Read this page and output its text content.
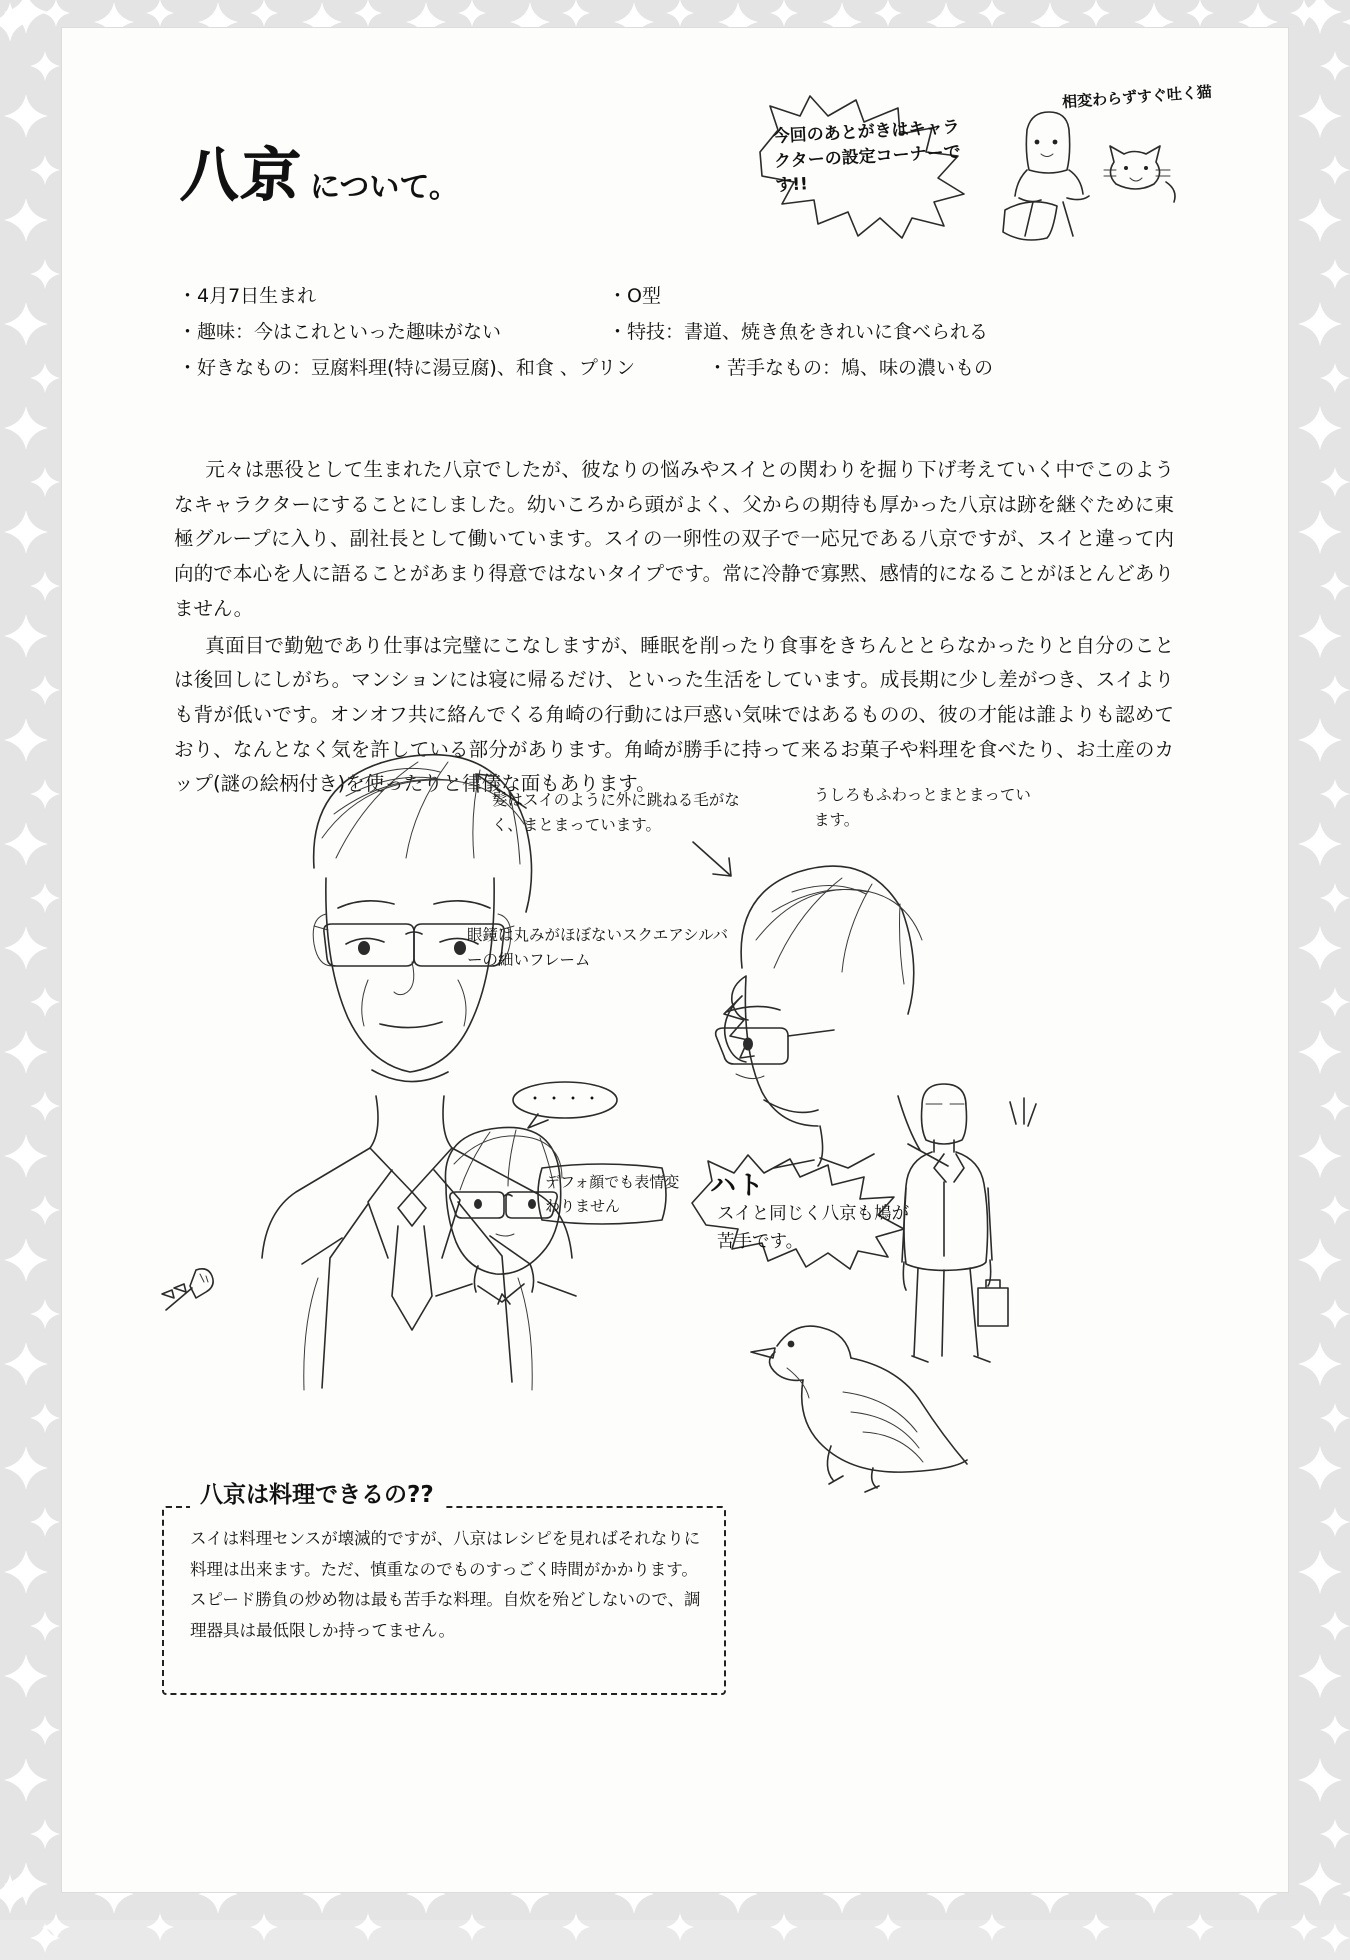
八京 について。
今回のあとがきはキャラクターの設定コーナーです!!
相変わらずすぐ吐く猫
・4月7日生まれ	・O型
・趣味：今はこれといった趣味がない	・特技：書道、焼き魚をきれいに食べられる
・好きなもの：豆腐料理(特に湯豆腐)、和食 、プリン	・苦手なもの：鳩、味の濃いもの

元々は悪役として生まれた八京でしたが、彼なりの悩みやスイとの関わりを掘り下げ考えていく中でこのようなキャラクターにすることにしました。幼いころから頭がよく、父からの期待も厚かった八京は跡を継ぐために東極グループに入り、副社長として働いています。スイの一卵性の双子で一応兄である八京ですが、スイと違って内向的で本心を人に語ることがあまり得意ではないタイプです。常に冷静で寡黙、感情的になることがほとんどありません。

真面目で勤勉であり仕事は完璧にこなしますが、睡眠を削ったり食事をきちんととらなかったりと自分のことは後回しにしがち。マンションには寝に帰るだけ、といった生活をしています。成長期に少し差がつき、スイよりも背が低いです。オンオフ共に絡んでくる角崎の行動には戸惑い気味ではあるものの、彼の才能は誰よりも認めており、なんとなく気を許している部分があります。角崎が勝手に持って来るお菓子や料理を食べたり、お土産のカップ(謎の絵柄付き)を使ったりと律儀な面もあります。

髪はスイのように外に跳ねる毛がなく、まとまっています。
眼鏡は丸みがほぼないスクエアシルバーの細いフレーム
うしろもふわっとまとまっています。
・・・・
デフォ顔でも表情変わりません
ハト
スイと同じく八京も鳩が苦手です。
八京は料理できるの??
スイは料理センスが壊滅的ですが、八京はレシピを見ればそれなりに料理は出来ます。ただ、慎重なのでものすっごく時間がかかります。スピード勝負の炒め物は最も苦手な料理。自炊を殆どしないので、調理器具は最低限しか持ってません。
